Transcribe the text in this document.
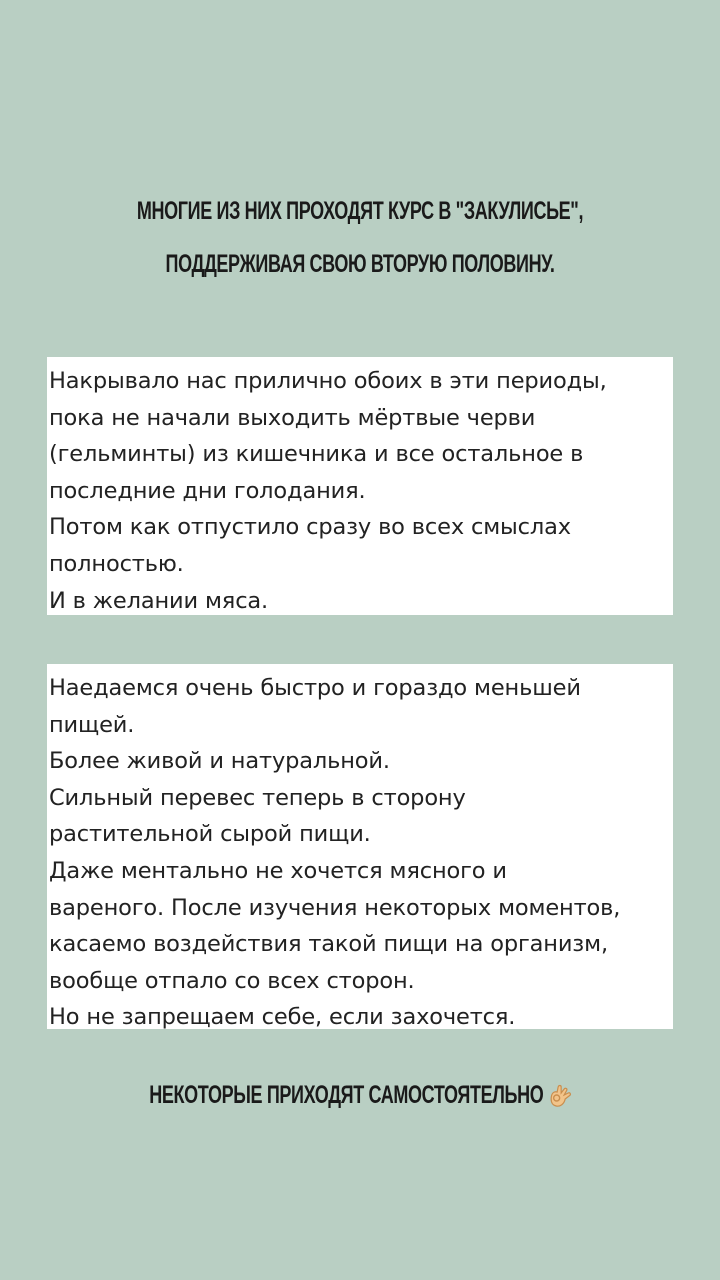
МНОГИЕ ИЗ НИХ ПРОХОДЯТ КУРС В "ЗАКУЛИСЬЕ",
ПОДДЕРЖИВАЯ СВОЮ ВТОРУЮ ПОЛОВИНУ.

Накрывало нас прилично обоих в эти периоды,

пока не начали выходить мёртвые черви

(гельминты) из кишечника и все остальное в

последние дни голодания.

Потом как отпустило сразу во всех смыслах

полностью.

И в желании мяса.

Наедаемся очень быстро и гораздо меньшей

пищей.

Более живой и натуральной.

Сильный перевес теперь в сторону

растительной сырой пищи.

Даже ментально не хочется мясного и

вареного. После изучения некоторых моментов,

касаемо воздействия такой пищи на организм,

вообще отпало со всех сторон.

Но не запрещаем себе, если захочется.

НЕКОТОРЫЕ ПРИХОДЯТ САМОСТОЯТЕЛЬНО
